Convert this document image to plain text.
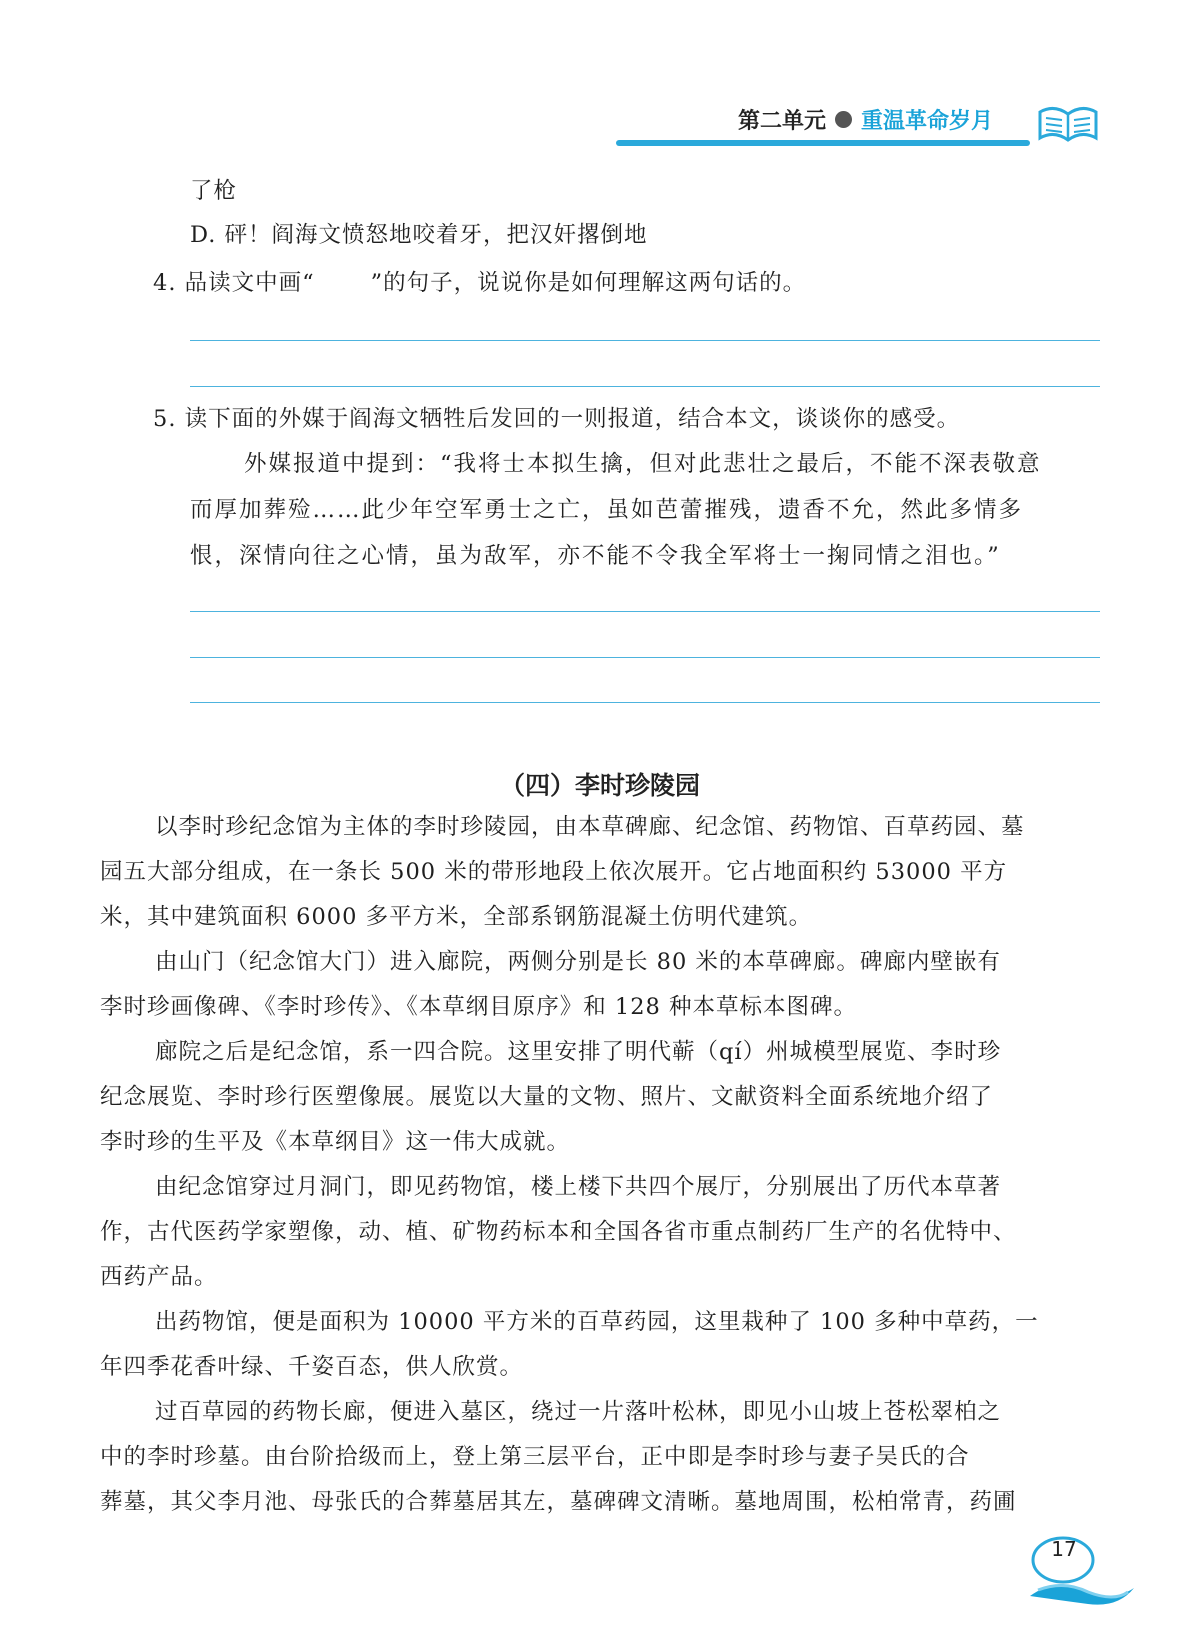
第二单元 重温革命岁月
了枪
D. 砰！阎海文愤怒地咬着牙，把汉奸撂倒地
4. 品读文中画“ ”的句子，说说你是如何理解这两句话的。
5. 读下面的外媒于阎海文牺牲后发回的一则报道，结合本文，谈谈你的感受。
外媒报道中提到：“我将士本拟生擒，但对此悲壮之最后，不能不深表敬意
而厚加葬殓……此少年空军勇士之亡，虽如芭蕾摧残，遗香不允，然此多情多
恨，深情向往之心情，虽为敌军，亦不能不令我全军将士一掬同情之泪也。”
（四）李时珍陵园
以李时珍纪念馆为主体的李时珍陵园，由本草碑廊、纪念馆、药物馆、百草药园、墓
园五大部分组成，在一条长 500 米的带形地段上依次展开。它占地面积约 53000 平方
米，其中建筑面积 6000 多平方米，全部系钢筋混凝土仿明代建筑。
由山门（纪念馆大门）进入廊院，两侧分别是长 80 米的本草碑廊。碑廊内壁嵌有
李时珍画像碑、《李时珍传》、《本草纲目原序》和 128 种本草标本图碑。
廊院之后是纪念馆，系一四合院。这里安排了明代蕲（qí）州城模型展览、李时珍
纪念展览、李时珍行医塑像展。展览以大量的文物、照片、文献资料全面系统地介绍了
李时珍的生平及《本草纲目》这一伟大成就。
由纪念馆穿过月洞门，即见药物馆，楼上楼下共四个展厅，分别展出了历代本草著
作，古代医药学家塑像，动、植、矿物药标本和全国各省市重点制药厂生产的名优特中、
西药产品。
出药物馆，便是面积为 10000 平方米的百草药园，这里栽种了 100 多种中草药，一
年四季花香叶绿、千姿百态，供人欣赏。
过百草园的药物长廊，便进入墓区，绕过一片落叶松林，即见小山坡上苍松翠柏之
中的李时珍墓。由台阶拾级而上，登上第三层平台，正中即是李时珍与妻子吴氏的合
葬墓，其父李月池、母张氏的合葬墓居其左，墓碑碑文清晰。墓地周围，松柏常青，药圃
17
